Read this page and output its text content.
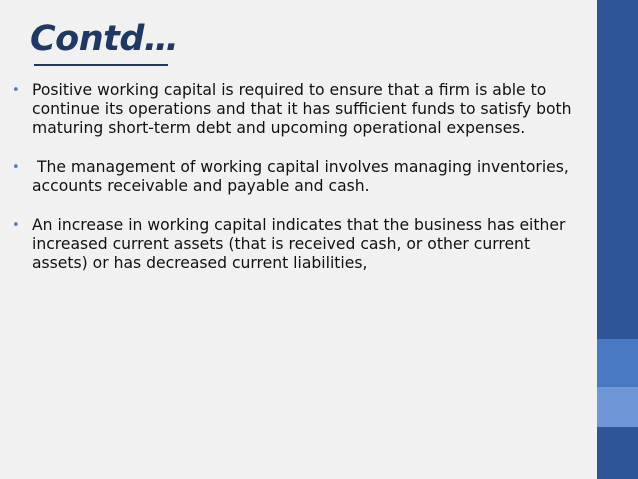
Contd…
• Positive working capital is required to ensure that a firm is able to continue its operations and that it has sufficient funds to satisfy both maturing short-term debt and upcoming operational expenses.
• The management of working capital involves managing inventories, accounts receivable and payable and cash.
• An increase in working capital indicates that the business has either increased current assets (that is received cash, or other current assets) or has decreased current liabilities,
